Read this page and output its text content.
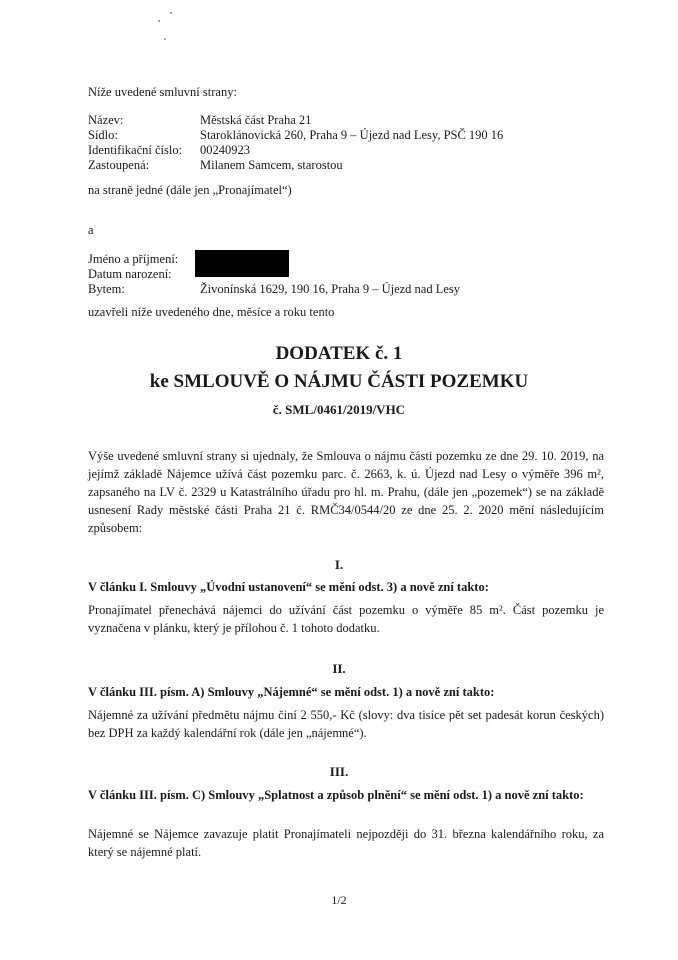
Níže uvedené smluvní strany:
Název:	Městská část Praha 21
Sídlo:	Staroklánovická 260, Praha 9 – Újezd nad Lesy, PSČ 190 16
Identifikační číslo: 00240923
Zastoupená:	Milanem Samcem, starostou
na straně jedné (dále jen „Pronajímatel“)
a
Jméno a příjmení:
Datum narození:
Bytem:	Živonínská 1629, 190 16, Praha 9 – Újezd nad Lesy
uzavřeli níže uvedeného dne, měsíce a roku tento
DODATEK č. 1
ke SMLOUVĚ O NÁJMU ČÁSTI POZEMKU
č. SML/0461/2019/VHC
Výše uvedené smluvní strany si ujednaly, že Smlouva o nájmu části pozemku ze dne 29. 10. 2019, na jejímž základě Nájemce užívá část pozemku parc. č. 2663, k. ú. Újezd nad Lesy o výměře 396 m², zapsaného na LV č. 2329 u Katastrálního úřadu pro hl. m. Prahu, (dále jen „pozemek“) se na základě usnesení Rady městské části Praha 21 č. RMČ34/0544/20 ze dne 25. 2. 2020 mění následujícím způsobem:
I.
V článku I. Smlouvy „Úvodní ustanovení“ se mění odst. 3) a nově zní takto:
Pronajímatel přenechává nájemci do užívání část pozemku o výměře 85 m². Část pozemku je vyznačena v plánku, který je přílohou č. 1 tohoto dodatku.
II.
V článku III. písm. A) Smlouvy „Nájemné“ se mění odst. 1) a nově zní takto:
Nájemné za užívání předmětu nájmu činí 2 550,- Kč (slovy: dva tisíce pět set padesát korun českých) bez DPH za každý kalendářní rok (dále jen „nájemné“).
III.
V článku III. písm. C) Smlouvy „Splatnost a způsob plnění“ se mění odst. 1) a nově zní takto:
Nájemné se Nájemce zavazuje platit Pronajímateli nejpozději do 31. března kalendářního roku, za který se nájemné platí.
1/2
